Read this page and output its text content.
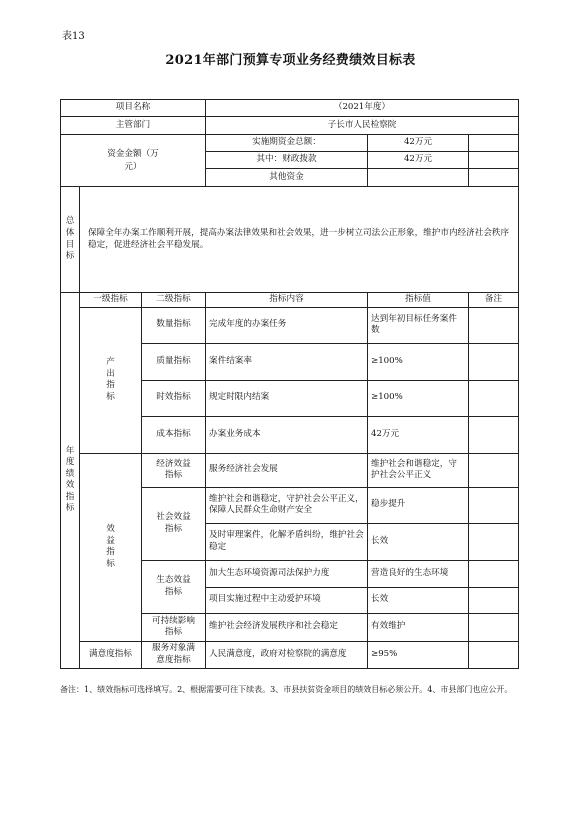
表13
2021年部门预算专项业务经费绩效目标表
项目名称			（2021年度）		
主管部门			子长市人民检察院		

资金金额（万元）			实施期资金总额：	42万元	
			其中：财政拨款	42万元	
			其他资金		

总体目标	保障全年办案工作顺利开展，提高办案法律效果和社会效果，进一步树立司法公正形象，维护市内经济社会秩序稳定，促进经济社会平稳发展。				

年度绩效指标	一级指标	二级指标	指标内容	指标值	备注

	产出指标	数量指标	完成年度的办案任务	达到年初目标任务案件数	
		质量指标	案件结案率	≥100%	
		时效指标	规定时限内结案	≥100%	
		成本指标	办案业务成本	42万元	

	效益指标	经济效益指标	服务经济社会发展	维护社会和谐稳定，守护社会公平正义	

		社会效益指标	维护社会和谐稳定，守护社会公平正义，保障人民群众生命财产安全	稳步提升	
			及时审理案件，化解矛盾纠纷，维护社会稳定	长效	

		生态效益指标	加大生态环境资源司法保护力度	营造良好的生态环境	
			项目实施过程中主动爱护环境	长效	

		可持续影响指标	维护社会经济发展秩序和社会稳定	有效维护	
	满意度指标	服务对象满意度指标	人民满意度，政府对检察院的满意度	≥95%	
备注：1、绩效指标可选择填写。2、根据需要可往下续表。3、市县扶贫资金项目的绩效目标必须公开。4、市县部门也应公开。
